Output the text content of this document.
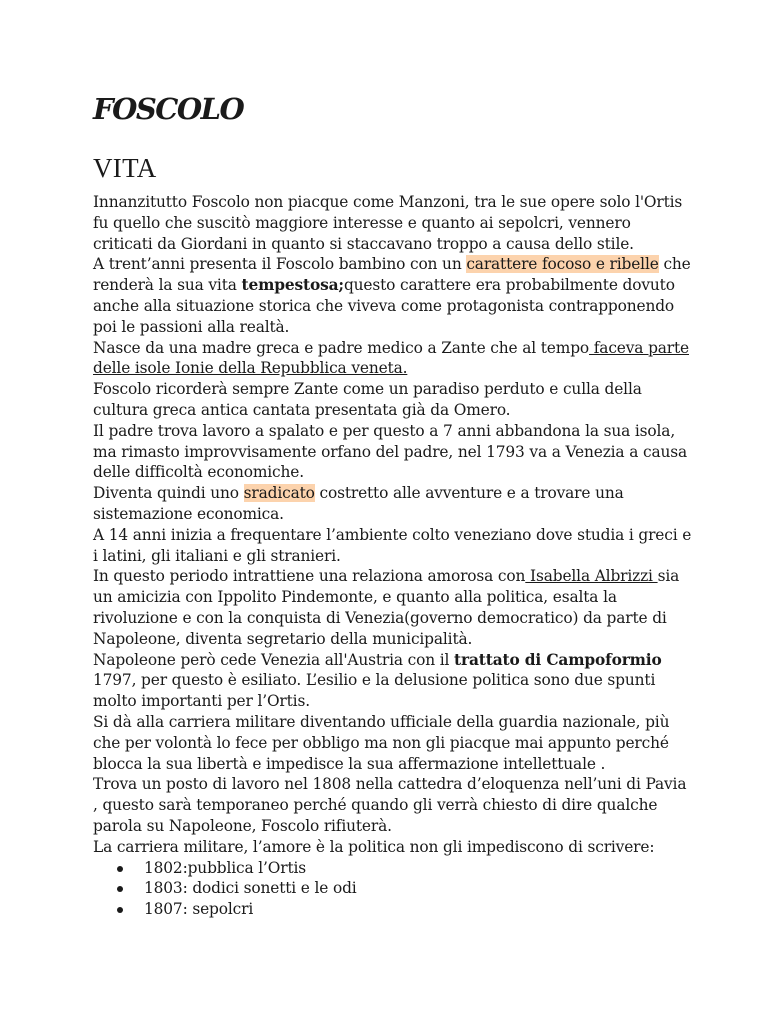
FOSCOLO
VITA

Innanzitutto Foscolo non piacque come Manzoni, tra le sue opere solo l'Ortis fu quello che suscitò maggiore interesse e quanto ai sepolcri, vennero criticati da Giordani in quanto si staccavano troppo a causa dello stile.

A trent’anni presenta il Foscolo bambino con un carattere focoso e ribelle che renderà la sua vita tempestosa;questo carattere era probabilmente dovuto anche alla situazione storica che viveva come protagonista contrapponendo poi le passioni alla realtà.

Nasce da una madre greca e padre medico a Zante che al tempo faceva parte delle isole Ionie della Repubblica veneta.

Foscolo ricorderà sempre Zante come un paradiso perduto e culla della cultura greca antica cantata presentata già da Omero.

Il padre trova lavoro a spalato e per questo a 7 anni abbandona la sua isola, ma rimasto improvvisamente orfano del padre, nel 1793 va a Venezia a causa delle difficoltà economiche.

Diventa quindi uno sradicato costretto alle avventure e a trovare una sistemazione economica.

A 14 anni inizia a frequentare l’ambiente colto veneziano dove studia i greci e i latini, gli italiani e gli stranieri.

In questo periodo intrattiene una relaziona amorosa con Isabella Albrizzi sia un amicizia con Ippolito Pindemonte, e quanto alla politica, esalta la rivoluzione e con la conquista di Venezia(governo democratico) da parte di Napoleone, diventa segretario della municipalità.

Napoleone però cede Venezia all'Austria con il trattato di Campoformio 1797, per questo è esiliato. L’esilio e la delusione politica sono due spunti molto importanti per l’Ortis.

Si dà alla carriera militare diventando ufficiale della guardia nazionale, più che per volontà lo fece per obbligo ma non gli piacque mai appunto perché blocca la sua libertà e impedisce la sua affermazione intellettuale .

Trova un posto di lavoro nel 1808 nella cattedra d’eloquenza nell’uni di Pavia , questo sarà temporaneo perché quando gli verrà chiesto di dire qualche parola su Napoleone, Foscolo rifiuterà.

La carriera militare, l’amore è la politica non gli impediscono di scrivere:

1802:pubblica l’Ortis
1803: dodici sonetti e le odi
1807: sepolcri
